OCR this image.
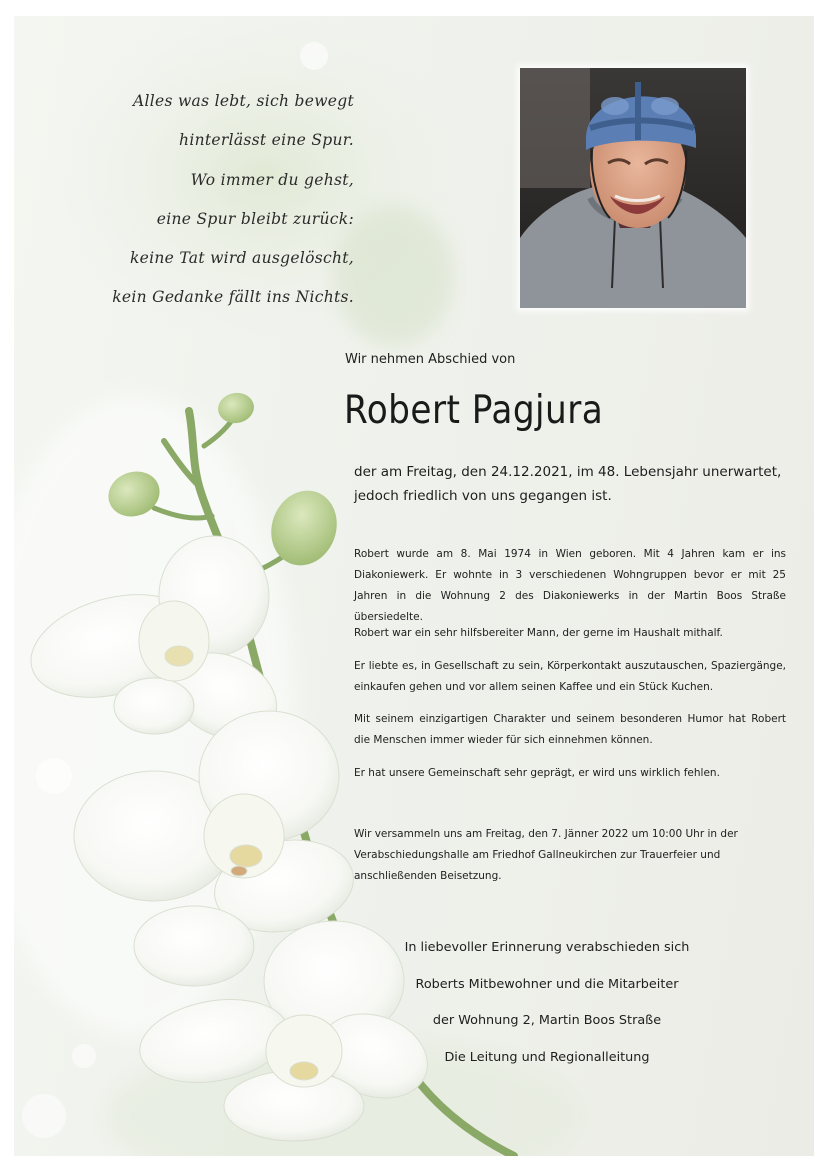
Alles was lebt, sich bewegt
hinterlässt eine Spur.
Wo immer du gehst,
eine Spur bleibt zurück:
keine Tat wird ausgelöscht,
kein Gedanke fällt ins Nichts.
Wir nehmen Abschied von
Robert Pagjura
der am Freitag, den 24.12.2021, im 48. Lebensjahr unerwartet, jedoch friedlich von uns gegangen ist.

Robert wurde am 8. Mai 1974 in Wien geboren. Mit 4 Jahren kam er ins Diakoniewerk. Er wohnte in 3 verschiedenen Wohngruppen bevor er mit 25 Jahren in die Wohnung 2 des Diakoniewerks in der Martin Boos Straße übersiedelte.

Robert war ein sehr hilfsbereiter Mann, der gerne im Haushalt mithalf.

Er liebte es, in Gesellschaft zu sein, Körperkontakt auszutauschen, Spaziergänge, einkaufen gehen und vor allem seinen Kaffee und ein Stück Kuchen.

Mit seinem einzigartigen Charakter und seinem besonderen Humor hat Robert die Menschen immer wieder für sich einnehmen können.

Er hat unsere Gemeinschaft sehr geprägt, er wird uns wirklich fehlen.

Wir versammeln uns am Freitag, den 7. Jänner 2022 um 10:00 Uhr in der Verabschiedungshalle am Friedhof Gallneukirchen zur Trauerfeier und anschließenden Beisetzung.

In liebevoller Erinnerung verabschieden sich
Roberts Mitbewohner und die Mitarbeiter
der Wohnung 2, Martin Boos Straße
Die Leitung und Regionalleitung
